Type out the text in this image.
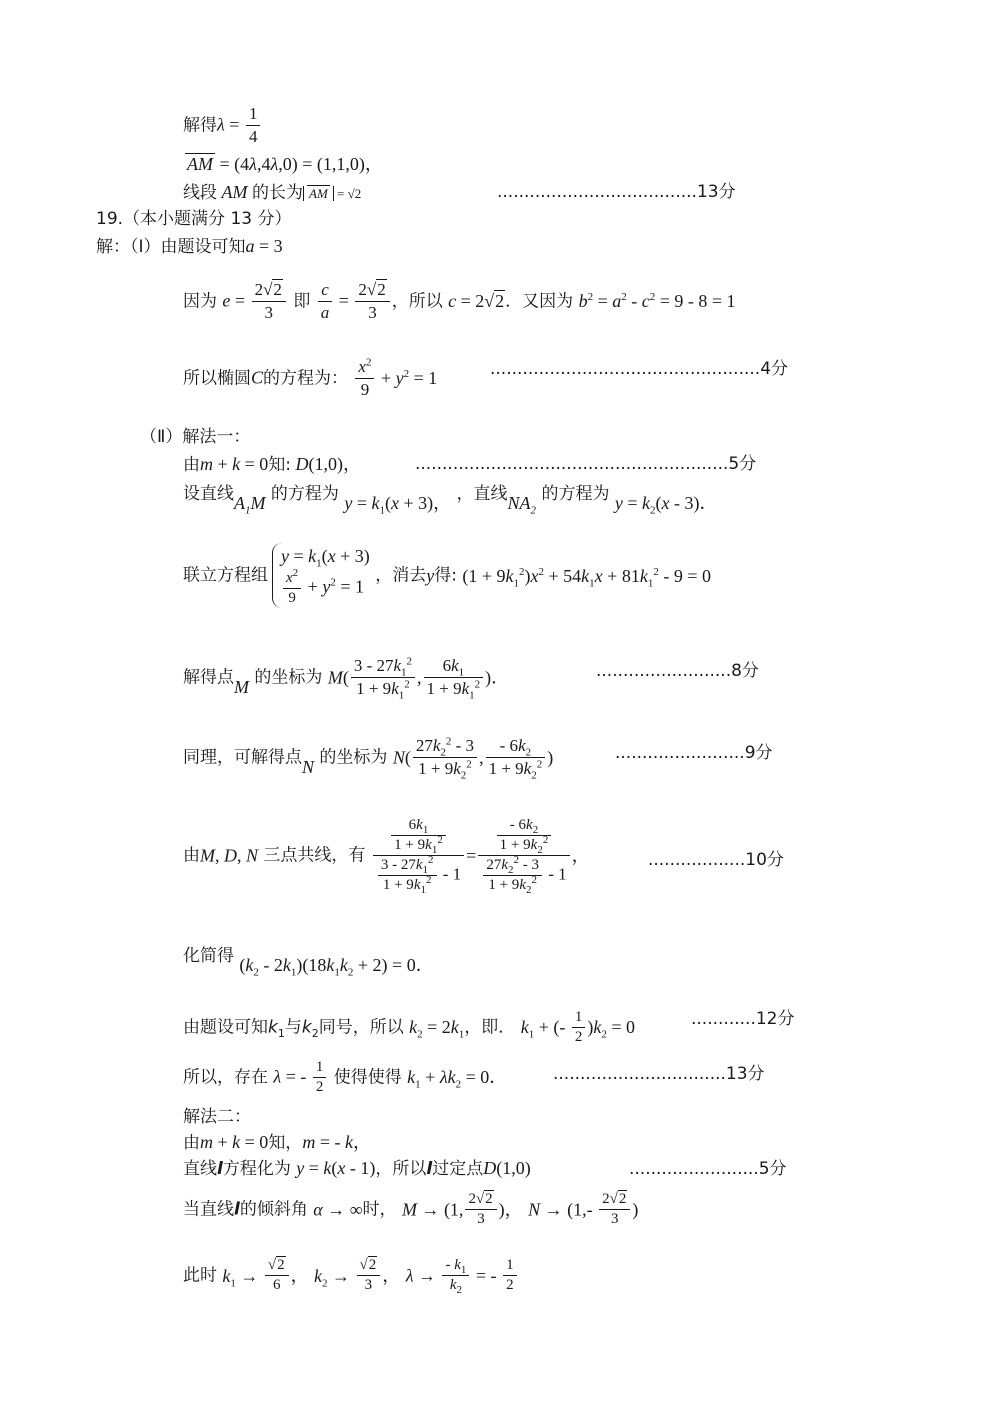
解得$\lambda = \frac{1}{4}$
AM = (4λ,4λ,0) = (1,1,0)，
线段 AM 的长为 AM = √2	.....................................13分
19.（本小题满分 13 分）
解：（Ⅰ）由题设可知a = 3
因为 $e = \frac{2√2}{3}$ 即 $\frac{c}{a} = \frac{2√2}{3}$ ，所以 c = 2√2．又因为 $b^2 = a^2 - c^2 = 9 - 8 = 1$
所以椭圆C的方程为： $\frac{x^2}{9} + y^2 = 1$	..................................................4分
（Ⅱ）解法一：
由m + k = 0知: D(1,0)，	..........................................................5分
设直线$A_1M$ 的方程为 $y = k_1(x + 3)$， ，直线$NA_2$ 的方程为 $y = k_2(x - 3)$．
联立方程组
$y = k_1(x + 3)$
$\frac{x^2}{9} + y^2 = 1$
，消去y得: $(1 + 9k_1^2)x^2 + 54k_1x + 81k_1^2 - 9 = 0$
解得点M 的坐标为 $M( \frac{3 - 27k_1^2}{1 + 9k_1^2}$ , $\frac{6k_1}{1 + 9k_1^2}$ )．	.........................8分
同理，可解得点N 的坐标为 $N( \frac{27k_2^2 - 3}{1 + 9k_2^2}$ , $\frac{- 6k_2}{1 + 9k_2^2}$ )	........................9分
由M, D, N 三点共线，有 $\frac{\frac{6k_1}{1 + 9k_1^2}}{\frac{3 - 27k_1^2}{1 + 9k_1^2} - 1} = \frac{\frac{- 6k_2}{1 + 9k_2^2}}{\frac{27k_2^2 - 3}{1 + 9k_2^2} - 1}$ ，	..................10分
化简得 $(k_2 - 2k_1)(18k_1k_2 + 2) = 0$．
由题设可知$k_1$与$k_2$同号，所以 $k_2 = 2k_1$，即． $k_1$ + (- $\frac{1}{2} )k_2 = 0$	............12分
所以，存在 λ = - $\frac{1}{2}$ 使得使得 $k_1 + \lambda k_2 = 0$．	................................13分
解法二：
由m + k = 0知，m = - k，
直线l方程化为 y = k(x - 1)，所以l过定点D(1,0)	........................5分
当直线l的倾斜角 α → ∞时， M → (1, $\frac{2√2}{3}$ )， $N \to (1,- \frac{2√2}{3}$ )
此时 $k_1 \to \frac{√2}{6}$ ， $k_2 \to \frac{√2}{3}$ ， $\lambda \to \frac{- k_1}{k_2}$ = - $\frac{1}{2}$
